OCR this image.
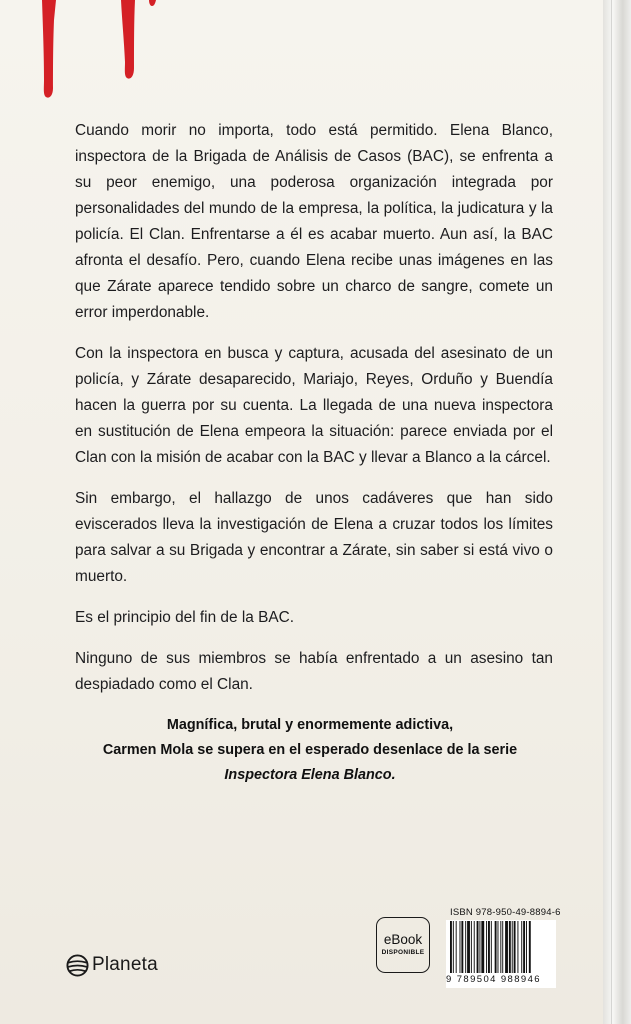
Cuando morir no importa, todo está permitido. Elena Blanco, inspectora de la Brigada de Análisis de Casos (BAC), se enfrenta a su peor enemigo, una poderosa organización integrada por personalidades del mundo de la empresa, la política, la judicatura y la policía. El Clan. Enfrentarse a él es acabar muerto. Aun así, la BAC afronta el desafío. Pero, cuando Elena recibe unas imágenes en las que Zárate aparece tendido sobre un charco de sangre, comete un error imperdonable.

Con la inspectora en busca y captura, acusada del asesinato de un policía, y Zárate desaparecido, Mariajo, Reyes, Orduño y Buendía hacen la guerra por su cuenta. La llegada de una nueva inspectora en sustitución de Elena empeora la situación: parece enviada por el Clan con la misión de acabar con la BAC y llevar a Blanco a la cárcel.

Sin embargo, el hallazgo de unos cadáveres que han sido eviscerados lleva la investigación de Elena a cruzar todos los límites para salvar a su Brigada y encontrar a Zárate, sin saber si está vivo o muerto.

Es el principio del fin de la BAC.

Ninguno de sus miembros se había enfrentado a un asesino tan despiadado como el Clan.

Magnífica, brutal y enormemente adictiva,
Carmen Mola se supera en el esperado desenlace de la serie
Inspectora Elena Blanco.
Planeta
eBook
DISPONIBLE
ISBN 978-950-49-8894-6
9 789504 988946
